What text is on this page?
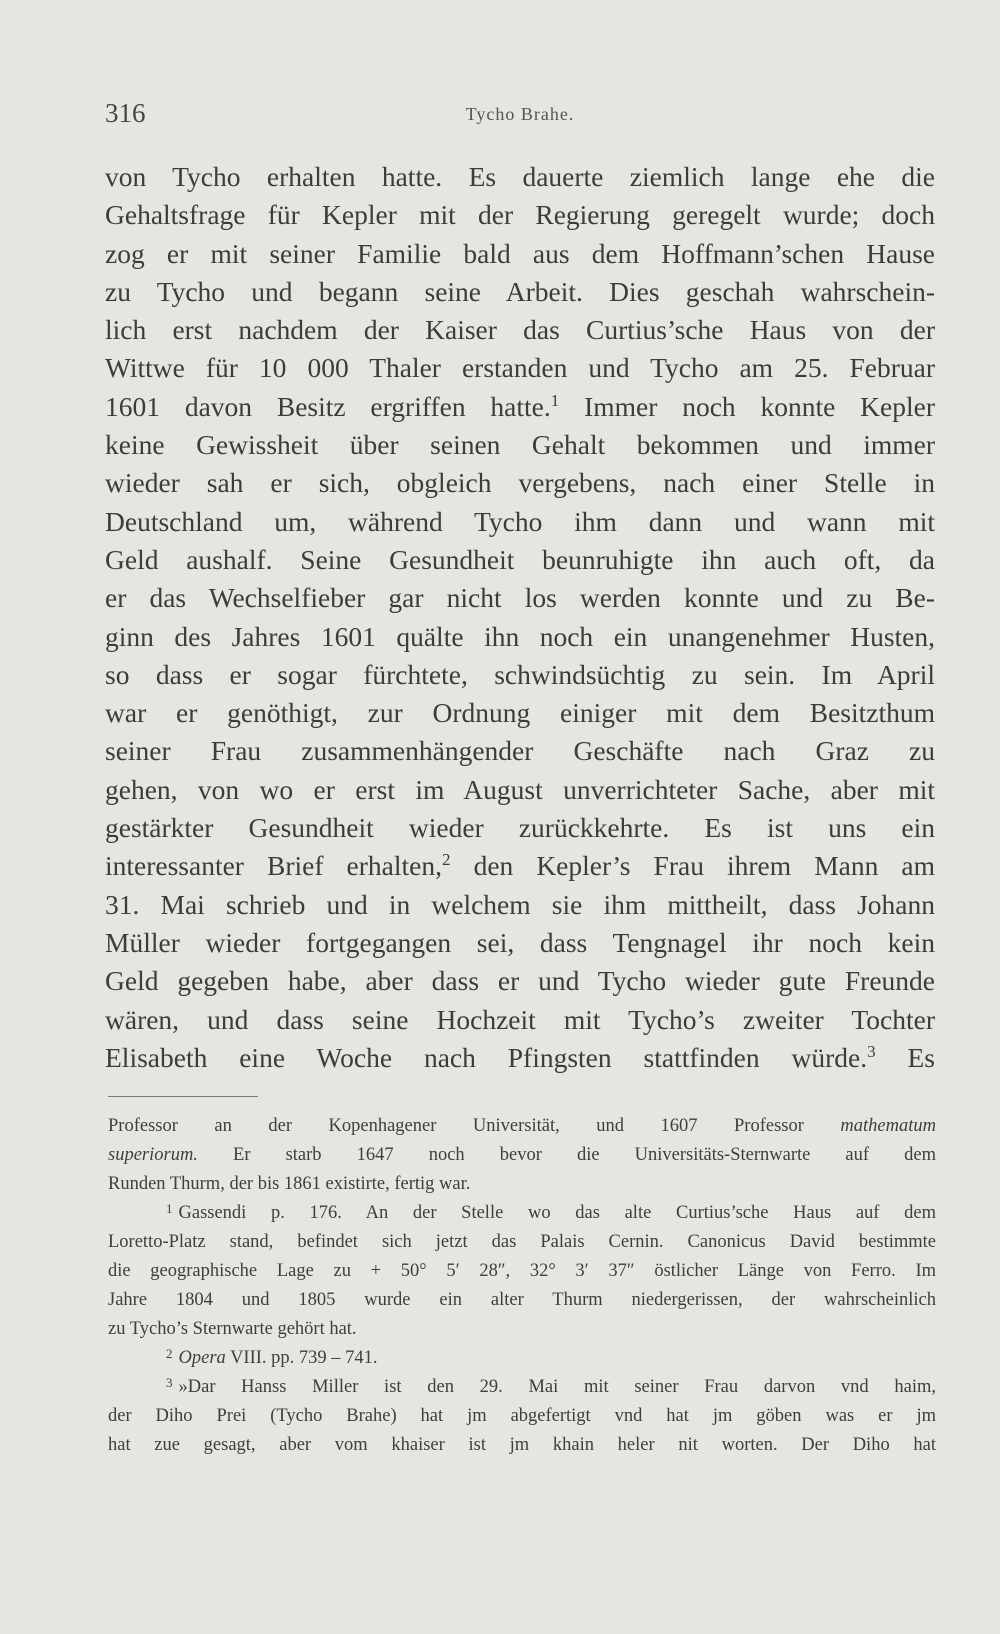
316	Tycho Brahe.
von Tycho erhalten hatte. Es dauerte ziemlich lange ehe die
Gehaltsfrage für Kepler mit der Regierung geregelt wurde; doch
zog er mit seiner Familie bald aus dem Hoffmann’schen Hause
zu Tycho und begann seine Arbeit. Dies geschah wahrschein-
lich erst nachdem der Kaiser das Curtius’sche Haus von der
Wittwe für 10 000 Thaler erstanden und Tycho am 25. Februar
1601 davon Besitz ergriffen hatte.$^1$ Immer noch konnte Kepler
keine Gewissheit über seinen Gehalt bekommen und immer
wieder sah er sich, obgleich vergebens, nach einer Stelle in
Deutschland um, während Tycho ihm dann und wann mit
Geld aushalf. Seine Gesundheit beunruhigte ihn auch oft, da
er das Wechselfieber gar nicht los werden konnte und zu Be-
ginn des Jahres 1601 quälte ihn noch ein unangenehmer Husten,
so dass er sogar fürchtete, schwindsüchtig zu sein. Im April
war er genöthigt, zur Ordnung einiger mit dem Besitzthum
seiner Frau zusammenhängender Geschäfte nach Graz zu
gehen, von wo er erst im August unverrichteter Sache, aber mit
gestärkter Gesundheit wieder zurückkehrte. Es ist uns ein
interessanter Brief erhalten,$^2$ den Kepler’s Frau ihrem Mann am
31. Mai schrieb und in welchem sie ihm mittheilt, dass Johann
Müller wieder fortgegangen sei, dass Tengnagel ihr noch kein
Geld gegeben habe, aber dass er und Tycho wieder gute Freunde
wären, und dass seine Hochzeit mit Tycho’s zweiter Tochter
Elisabeth eine Woche nach Pfingsten stattfinden würde.$^3$ Es
Professor an der Kopenhagener Universität, und 1607 Professor mathematum
superiorum. Er starb 1647 noch bevor die Universitäts-Sternwarte auf dem
Runden Thurm, der bis 1861 existirte, fertig war.
$^1$ Gassendi p. 176. An der Stelle wo das alte Curtius’sche Haus auf dem
Loretto-Platz stand, befindet sich jetzt das Palais Cernin. Canonicus David bestimmte
die geographische Lage zu + 50° 5′ 28″, 32° 3′ 37″ östlicher Länge von Ferro. Im
Jahre 1804 und 1805 wurde ein alter Thurm niedergerissen, der wahrscheinlich
zu Tycho’s Sternwarte gehört hat.
$^2$ Opera VIII. pp. 739 – 741.
$^3$ »Dar Hanss Miller ist den 29. Mai mit seiner Frau darvon vnd haim,
der Diho Prei (Tycho Brahe) hat jm abgefertigt vnd hat jm göben was er jm
hat zue gesagt, aber vom khaiser ist jm khain heler nit worten. Der Diho hat
